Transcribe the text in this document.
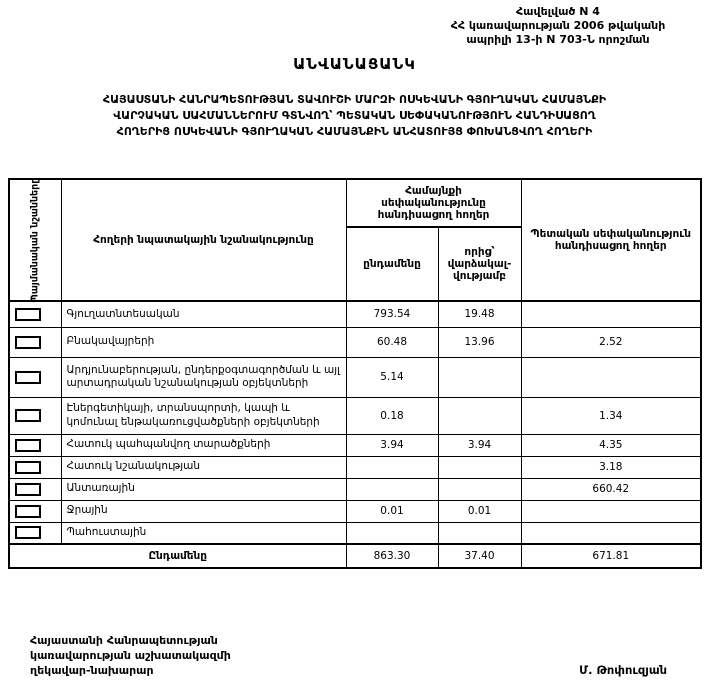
Հավելված N 4
ՀՀ կառավարության 2006 թվականի
ապրիլի 13-ի N 703-Ն որոշման
ԱՆՎԱՆԱՑԱՆԿ
ՀԱՅԱՍՏԱՆԻ ՀԱՆՐԱՊԵՏՈՒԹՅԱՆ ՏԱՎՈՒՇԻ ՄԱՐԶԻ ՈՍԿԵՎԱՆԻ ԳՅՈՒՂԱԿԱՆ ՀԱՄԱՅՆՔԻ
ՎԱՐՉԱԿԱՆ ՍԱՀՄԱՆՆԵՐՈՒՄ ԳՏՆՎՈՂ՝ ՊԵՏԱԿԱՆ ՍԵՓԱԿԱՆՈՒԹՅՈՒՆ ՀԱՆԴԻՍԱՑՈՂ
ՀՈՂԵՐԻՑ ՈՍԿԵՎԱՆԻ ԳՅՈՒՂԱԿԱՆ ՀԱՄԱՅՆՔԻՆ ԱՆՀԱՏՈՒՅՑ ՓՈԽԱՆՑՎՈՂ ՀՈՂԵՐԻ
Պայմանական նշանները	Հողերի նպատակային նշանակությունը	Համայնքի սեփականությունը հանդիսացող հողեր		Պետական սեփականություն հանդիսացող հողեր
		ընդամենը	որից՝ վարձակալվությամբ	
	Գյուղատնտեսական	793.54	19.48	
	Բնակավայրերի	60.48	13.96	2.52
	Արդյունաբերության, ընդերքօգտագործման և այլ արտադրական նշանակության օբյեկտների	5.14		
	Էներգետիկայի, տրանսպորտի, կապի և կոմունալ ենթակառուցվածքների օբյեկտների	0.18		1.34
	Հատուկ պահպանվող տարածքների	3.94	3.94	4.35
	Հատուկ նշանակության			3.18
	Անտառային			660.42
	Ջրային	0.01	0.01	
	Պահուստային			
Ընդամենը		863.30	37.40	671.81
Հայաստանի Հանրապետության
կառավարության աշխատակազմի
ղեկավար-նախարար	Մ. Թոփուզյան
